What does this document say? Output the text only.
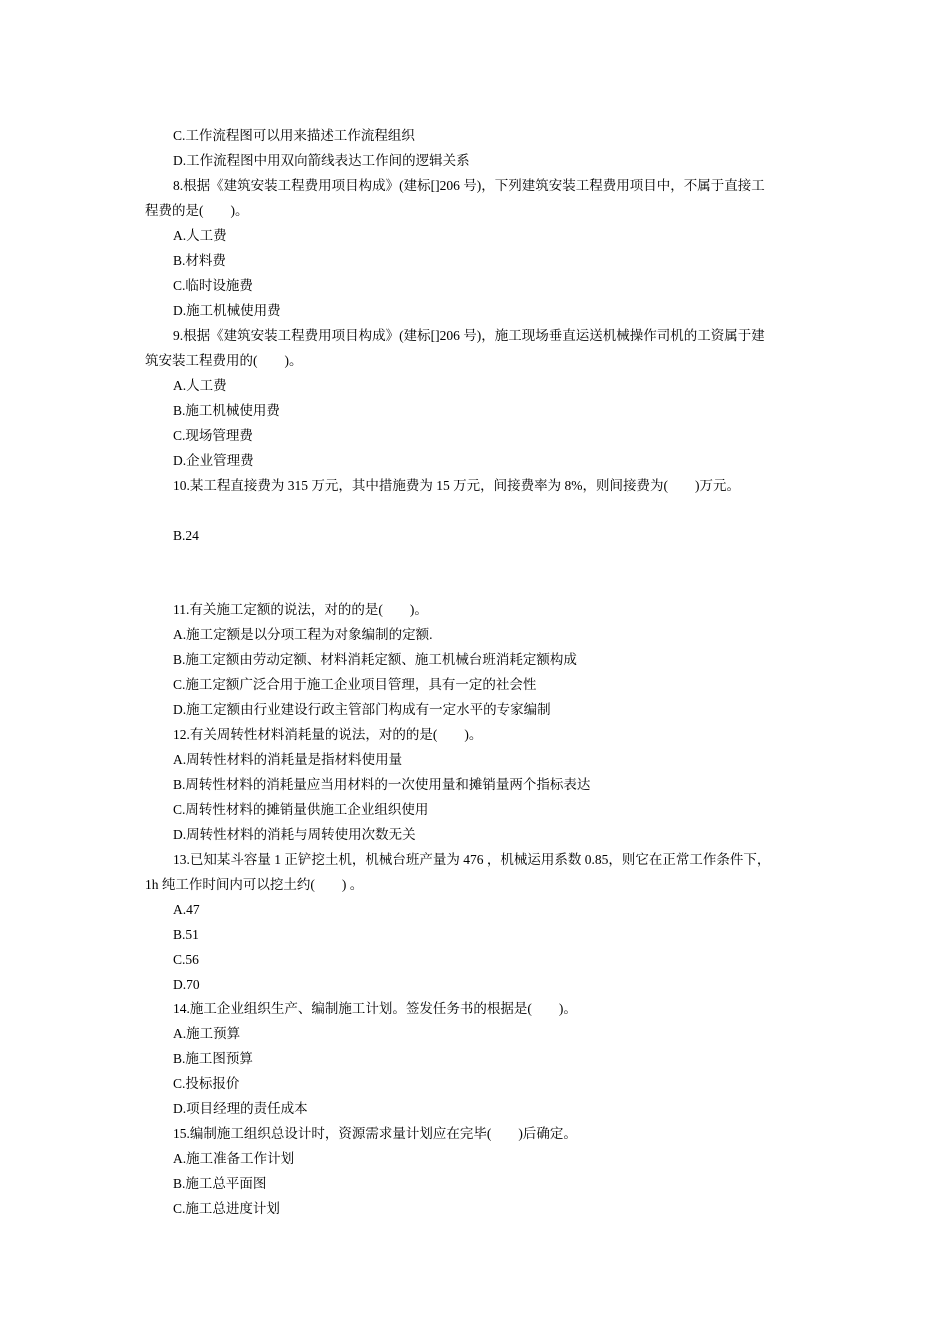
C.工作流程图可以用来描述工作流程组织
D.工作流程图中用双向箭线表达工作间的逻辑关系
8.根据《建筑安装工程费用项目构成》(建标[]206 号)，下列建筑安装工程费用项目中，不属于直接工
程费的是(　　)。
A.人工费
B.材料费
C.临时设施费
D.施工机械使用费
9.根据《建筑安装工程费用项目构成》(建标[]206 号)，施工现场垂直运送机械操作司机的工资属于建
筑安装工程费用的(　　)。
A.人工费
B.施工机械使用费
C.现场管理费
D.企业管理费
10.某工程直接费为 315 万元，其中措施费为 15 万元，间接费率为 8%，则间接费为(　　)万元。
B.24
11.有关施工定额的说法，对的的是(　　)。
A.施工定额是以分项工程为对象编制的定额.
B.施工定额由劳动定额、材料消耗定额、施工机械台班消耗定额构成
C.施工定额广泛合用于施工企业项目管理，具有一定的社会性
D.施工定额由行业建设行政主管部门构成有一定水平的专家编制
12.有关周转性材料消耗量的说法，对的的是(　　)。
A.周转性材料的消耗量是指材料使用量
B.周转性材料的消耗量应当用材料的一次使用量和摊销量两个指标表达
C.周转性材料的摊销量供施工企业组织使用
D.周转性材料的消耗与周转使用次数无关
13.已知某斗容量 1 正铲挖土机，机械台班产量为 476 ，机械运用系数 0.85，则它在正常工作条件下，
1h 纯工作时间内可以挖土约(　　) 。
A.47
B.51
C.56
D.70
14.施工企业组织生产、编制施工计划。签发任务书的根据是(　　)。
A.施工预算
B.施工图预算
C.投标报价
D.项目经理的责任成本
15.编制施工组织总设计时，资源需求量计划应在完毕(　　)后确定。
A.施工准备工作计划
B.施工总平面图
C.施工总进度计划
